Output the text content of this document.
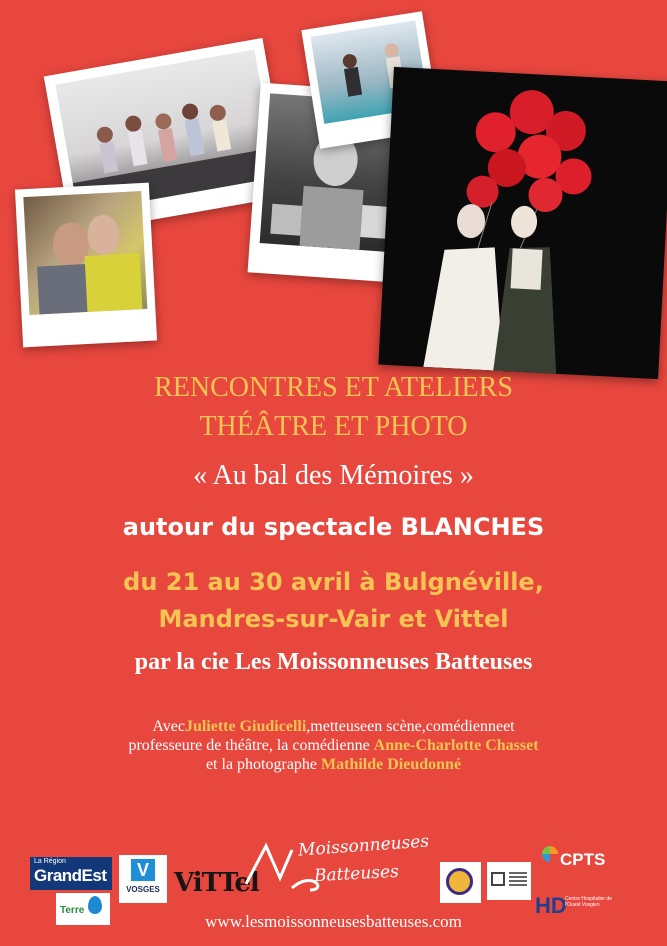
RENCONTRES ET ATELIERS
THÉÂTRE ET PHOTO
« Au bal des Mémoires »
autour du spectacle BLANCHES
du 21 au 30 avril à Bulgnéville,
Mandres-sur-Vair et Vittel
par la cie Les Moissonneuses Batteuses
AvecJuliette Giudicelli,metteuseen scène,comédienneet
professeure de théâtre, la comédienne Anne-Charlotte Chasset
et la photographe Mathilde Dieudonné
La Région
GrandEst	V
VOSGES ViTTel
Terre
Moissonneuses
Batteuses
CPTS
HD
Centre Hospitalier de l'Ouest Vosgien
www.lesmoissonneusesbatteuses.com
